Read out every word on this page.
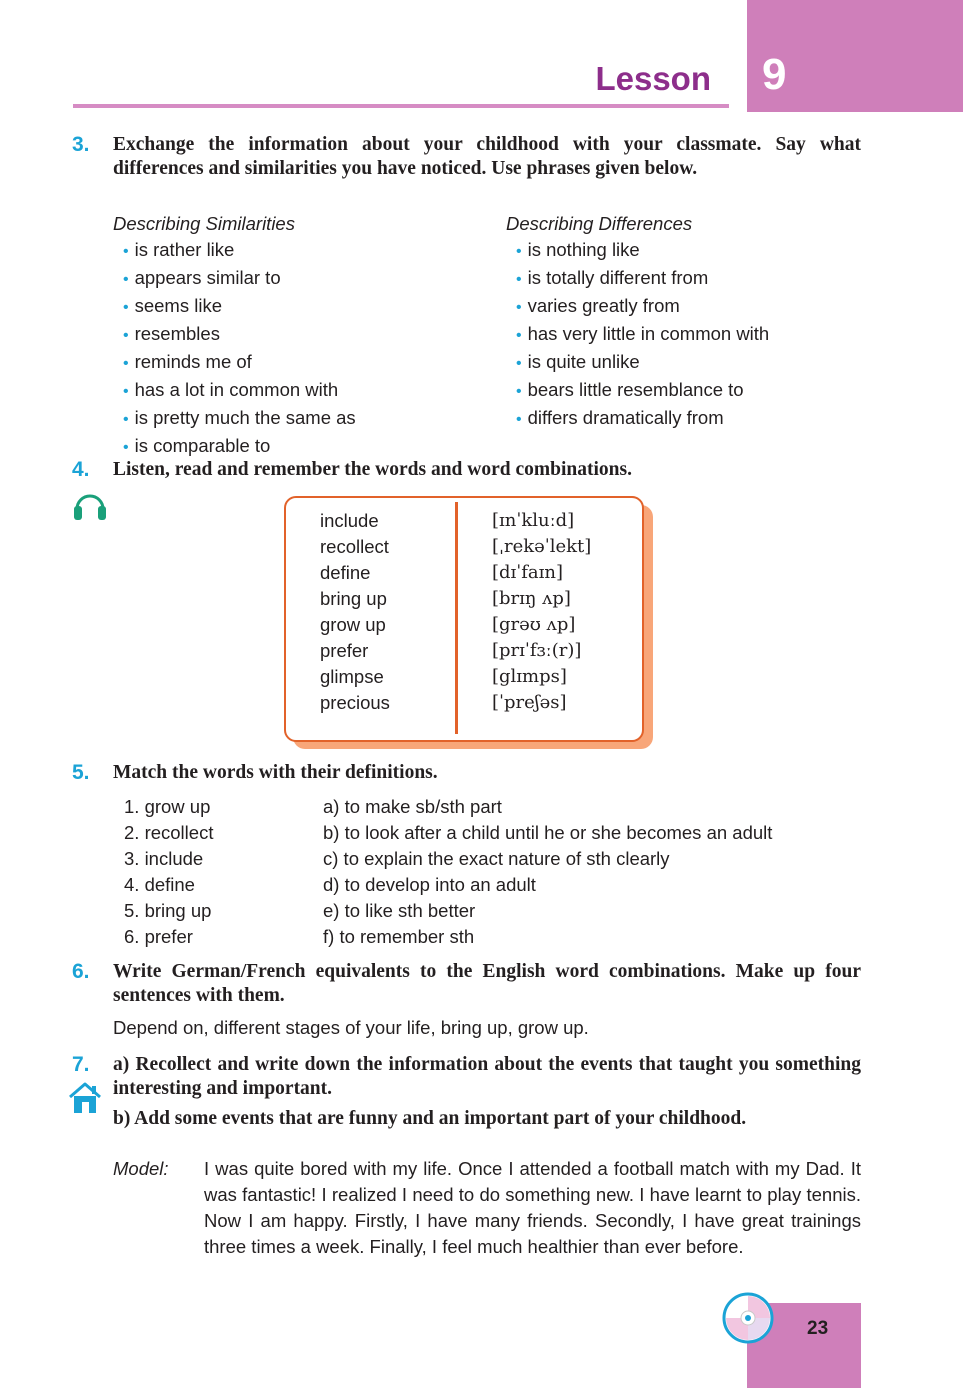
Lesson 9
3. Exchange the information about your childhood with your classmate. Say what differences and similarities you have noticed. Use phrases given below.
Describing Similarities
• is rather like
• appears similar to
• seems like
• resembles
• reminds me of
• has a lot in common with
• is pretty much the same as
• is comparable to
Describing Differences
• is nothing like
• is totally different from
• varies greatly from
• has very little in common with
• is quite unlike
• bears little resemblance to
• differs dramatically from
4. Listen, read and remember the words and word combinations.
include
recollect
define
bring up
grow up
prefer
glimpse
precious
[ɪnˈkluːd]
[ˌrekəˈlekt]
[dɪˈfaɪn]
[brɪŋ ʌp]
[grəʊ ʌp]
[prɪˈfɜː(r)]
[glɪmps]
[ˈpreʃəs]
5. Match the words with their definitions.
1. grow up
2. recollect
3. include
4. define
5. bring up
6. prefer
a) to make sb/sth part
b) to look after a child until he or she becomes an adult
c) to explain the exact nature of sth clearly
d) to develop into an adult
e) to like sth better
f) to remember sth
6. Write German/French equivalents to the English word combinations. Make up four sentences with them.
Depend on, different stages of your life, bring up, grow up.
7. a) Recollect and write down the information about the events that taught you something interesting and important.
b) Add some events that are funny and an important part of your childhood.
Model: I was quite bored with my life. Once I attended a football match with my Dad. It was fantastic! I realized I need to do something new. I have learnt to play tennis. Now I am happy. Firstly, I have many friends. Secondly, I have great trainings three times a week. Finally, I feel much healthier than ever before.
23
